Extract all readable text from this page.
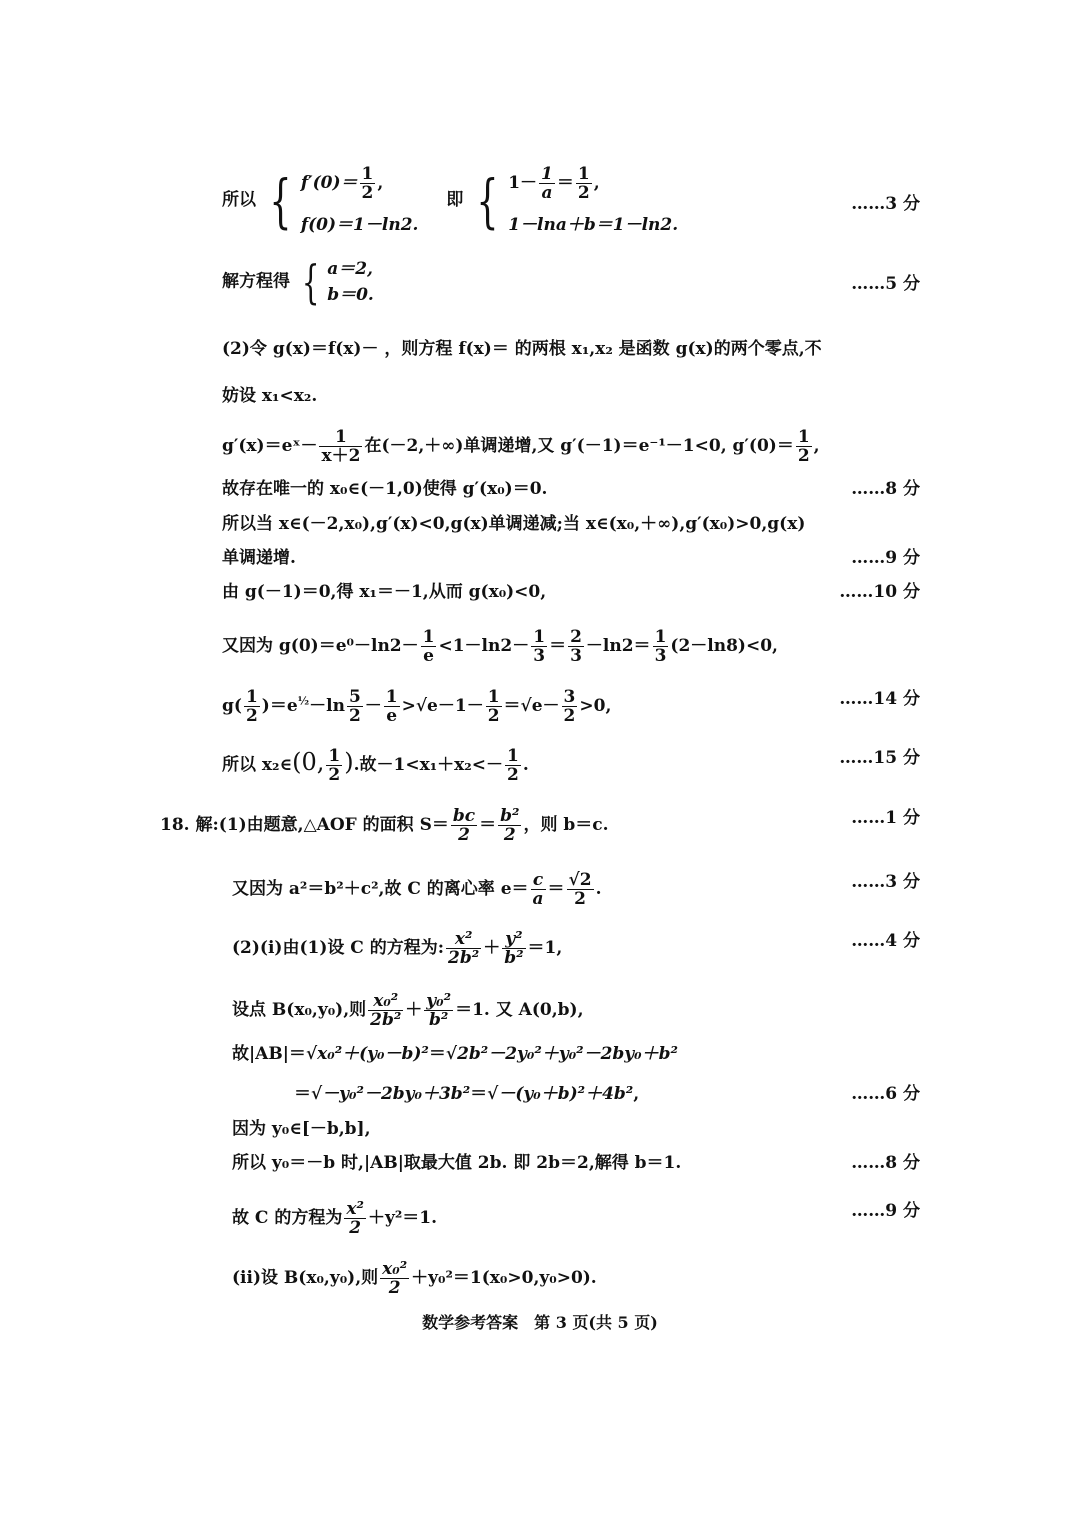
所以 { $f'(0)= \frac{1}{2}$ ,
f(0)＝1－ln2.
即 { $1- \frac{1}{a} = \frac{1}{2}$ ,
1－lna＋b＝1－ln2.
……3 分
解方程得 { a＝2,
b＝0.
……5 分
(2)令 g(x)＝f(x)－ ，则方程 f(x)＝ 的两根 x₁,x₂ 是函数 g(x)的两个零点,不
妨设 x₁<x₂.
g′(x)＝eˣ－ $\frac{1}{x+2}$ 在(－2,＋∞)单调递增,又 g′(－1)＝e⁻¹－1<0, $g'(0)= \frac{1}{2}$ ,
故存在唯一的 x₀∈(－1,0)使得 g′(x₀)＝0.	……8 分
所以当 x∈(－2,x₀),g′(x)<0,g(x)单调递减;当 x∈(x₀,＋∞),g′(x₀)>0,g(x)
单调递增.	……9 分
由 g(－1)＝0,得 x₁＝－1,从而 g(x₀)<0,	……10 分
又因为 $g(0)=e^0-\ln 2- \frac{1}{e} <1-\ln 2- \frac{1}{3} = \frac{2}{3} -\ln 2= \frac{1}{3} (2-\ln 8)<0$,
$g( \frac{1}{2} )=e^{\frac{1}{2}}-\ln \frac{5}{2} - \frac{1}{e} >√e-1- \frac{1}{2} =√e- \frac{3}{2} >0$,	……14 分
所以 x₂∈(0, $\frac{1}{2}$ ).故$-1<x_1+x_2<- \frac{1}{2}$ .	……15 分
18. 解:(1)由题意,△AOF 的面积 $S= \frac{bc}{2} = \frac{\text{b²}}{2}$ ，则 b＝c.	……1 分
又因为 a²＝b²＋c²,故 C 的离心率 $e= \frac{c}{a} = \frac{√2}{2}$ .	……3 分
(2)(i)由(1)设 C 的方程为: $\frac{\text{x²}}{\text{2b²}} + \frac{\text{y²}}{\text{b²}} =1$,	……4 分
设点 B(x₀,y₀),则 $\frac{\text{x₀²}}{\text{2b²}} + \frac{\text{y₀²}}{\text{b²}} =1$. 又 A(0,b),
故|AB|＝√x₀²＋(y₀－b)²＝√2b²－2y₀²＋y₀²－2by₀＋b²
＝√－y₀²－2by₀＋3b²＝√－(y₀＋b)²＋4b²,	……6 分
因为 y₀∈[－b,b],
所以 y₀＝－b 时,|AB|取最大值 2b. 即 2b＝2,解得 b＝1.	……8 分
故 C 的方程为 $\frac{\text{x²}}{2} +y^2=1$.	……9 分
(ii)设 B(x₀,y₀),则 $\frac{\text{x₀²}}{2} +y_0^2=1(x_0>0,y_0>0)$.
数学参考答案　第 3 页(共 5 页)
